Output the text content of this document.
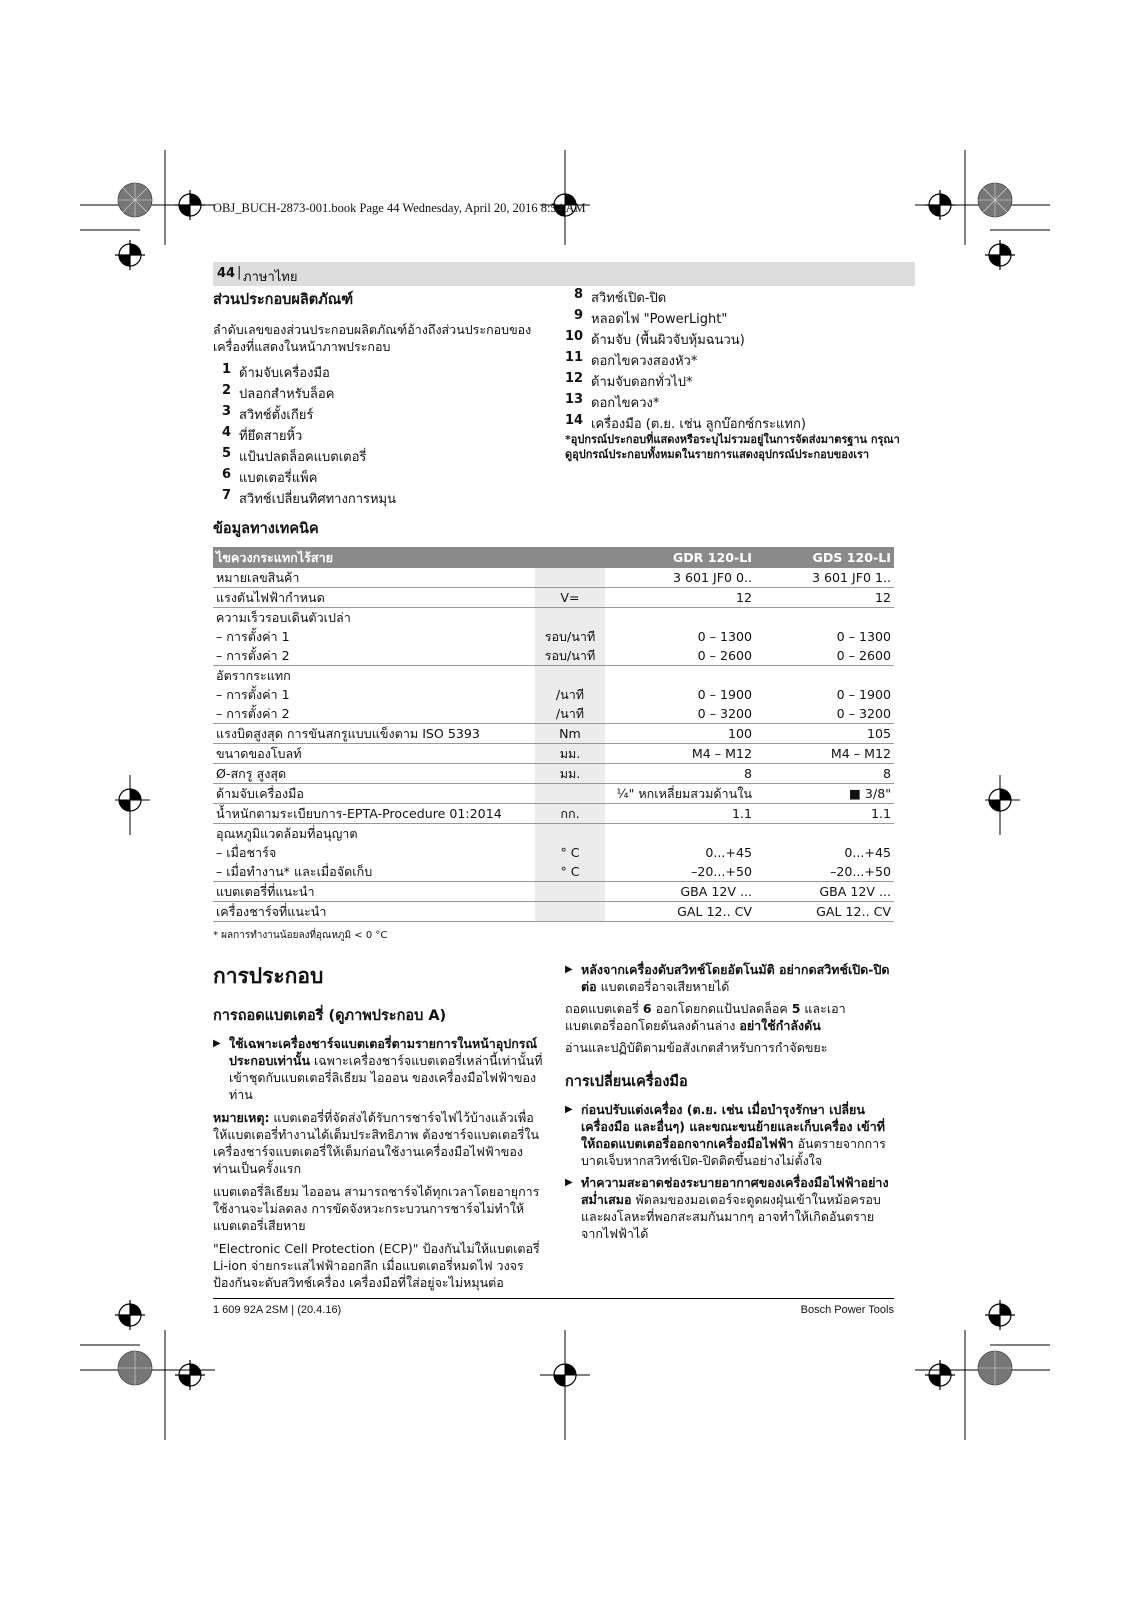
OBJ_BUCH-2873-001.book Page 44 Wednesday, April 20, 2016 8:54 AM
44 | ภาษาไทย
ส่วนประกอบผลิตภัณฑ์
ลำดับเลขของส่วนประกอบผลิตภัณฑ์อ้างถึงส่วนประกอบของเครื่องที่แสดงในหน้าภาพประกอบ
1 ด้ามจับเครื่องมือ
2 ปลอกสำหรับล็อค
3 สวิทช์ตั้งเกียร์
4 ที่ยึดสายหิ้ว
5 แป้นปลดล็อคแบตเตอรี่
6 แบตเตอรี่แพ็ค
7 สวิทช์เปลี่ยนทิศทางการหมุน
8 สวิทช์เปิด-ปิด
9 หลอดไฟ "PowerLight"
10 ด้ามจับ (พื้นผิวจับหุ้มฉนวน)
11 ดอกไขควงสองหัว*
12 ด้ามจับดอกทั่วไป*
13 ดอกไขควง*
14 เครื่องมือ (ต.ย. เช่น ลูกบ๊อกซ์กระแทก)
*อุปกรณ์ประกอบที่แสดงหรือระบุไม่รวมอยู่ในการจัดส่งมาตรฐาน กรุณาดูอุปกรณ์ประกอบทั้งหมดในรายการแสดงอุปกรณ์ประกอบของเรา
ข้อมูลทางเทคนิค
ไขควงกระแทกไร้สาย		GDR 120-LI	GDS 120-LI
หมายเลขสินค้า		3 601 JF0 0..	3 601 JF0 1..
แรงดันไฟฟ้ากำหนด	V=	12	12
ความเร็วรอบเดินตัวเปล่า			
– การตั้งค่า 1	รอบ/นาที	0 – 1300	0 – 1300
– การตั้งค่า 2	รอบ/นาที	0 – 2600	0 – 2600
อัตรากระแทก			
– การตั้งค่า 1	/นาที	0 – 1900	0 – 1900
– การตั้งค่า 2	/นาที	0 – 3200	0 – 3200
แรงบิดสูงสุด การขันสกรูแบบแข็งตาม ISO 5393	Nm	100	105
ขนาดของโบลท์	มม.	M4 – M12	M4 – M12
Ø-สกรู สูงสุด	มม.	8	8
ด้ามจับเครื่องมือ		¼" หกเหลี่ยมสวมด้านใน	■ 3/8"
น้ำหนักตามระเบียบการ-EPTA-Procedure 01:2014	กก.	1.1	1.1
อุณหภูมิแวดล้อมที่อนุญาต			
– เมื่อชาร์จ	° C	0...+45	0...+45
– เมื่อทำงาน* และเมื่อจัดเก็บ	° C	–20...+50	–20...+50
แบตเตอรี่ที่แนะนำ		GBA 12V ...	GBA 12V ...
เครื่องชาร์จที่แนะนำ		GAL 12.. CV	GAL 12.. CV
* ผลการทำงานน้อยลงที่อุณหภูมิ < 0 °C
การประกอบ
การถอดแบตเตอรี่ (ดูภาพประกอบ A)
▶ ใช้เฉพาะเครื่องชาร์จแบตเตอรี่ตามรายการในหน้าอุปกรณ์ประกอบเท่านั้น เฉพาะเครื่องชาร์จแบตเตอรี่เหล่านี้เท่านั้นที่เข้าชุดกับแบตเตอรี่ลิเธียม ไอออน ของเครื่องมือไฟฟ้าของท่าน
หมายเหตุ: แบตเตอรี่ที่จัดส่งได้รับการชาร์จไฟไว้บ้างแล้วเพื่อให้แบตเตอรี่ทำงานได้เต็มประสิทธิภาพ ต้องชาร์จแบตเตอรี่ในเครื่องชาร์จแบตเตอรี่ให้เต็มก่อนใช้งานเครื่องมือไฟฟ้าของท่านเป็นครั้งแรก
แบตเตอรี่ลิเธียม ไอออน สามารถชาร์จได้ทุกเวลาโดยอายุการใช้งานจะไม่ลดลง การขัดจังหวะกระบวนการชาร์จไม่ทำให้แบตเตอรี่เสียหาย
"Electronic Cell Protection (ECP)" ป้องกันไม่ให้แบตเตอรี่ Li-ion จ่ายกระแสไฟฟ้าออกลึก เมื่อแบตเตอรี่หมดไฟ วงจรป้องกันจะดับสวิทช์เครื่อง เครื่องมือที่ใส่อยู่จะไม่หมุนต่อ
▶ หลังจากเครื่องดับสวิทช์โดยอัตโนมัติ อย่ากดสวิทช์เปิด-ปิดต่อ แบตเตอรี่อาจเสียหายได้
ถอดแบตเตอรี่ 6 ออกโดยกดแป้นปลดล็อค 5 และเอาแบตเตอรี่ออกโดยดันลงด้านล่าง อย่าใช้กำลังดัน
อ่านและปฏิบัติตามข้อสังเกตสำหรับการกำจัดขยะ
การเปลี่ยนเครื่องมือ
▶ ก่อนปรับแต่งเครื่อง (ต.ย. เช่น เมื่อบำรุงรักษา เปลี่ยนเครื่องมือ และอื่นๆ) และขณะขนย้ายและเก็บเครื่อง เข้าที่ ให้ถอดแบตเตอรี่ออกจากเครื่องมือไฟฟ้า อันตรายจากการบาดเจ็บหากสวิทช์เปิด-ปิดติดขึ้นอย่างไม่ตั้งใจ
▶ ทำความสะอาดช่องระบายอากาศของเครื่องมือไฟฟ้าอย่างสม่ำเสมอ พัดลมของมอเตอร์จะดูดผงฝุ่นเข้าในหม้อครอบ และผงโลหะที่พอกสะสมกันมากๆ อาจทำให้เกิดอันตรายจากไฟฟ้าได้
1 609 92A 2SM | (20.4.16)	Bosch Power Tools
